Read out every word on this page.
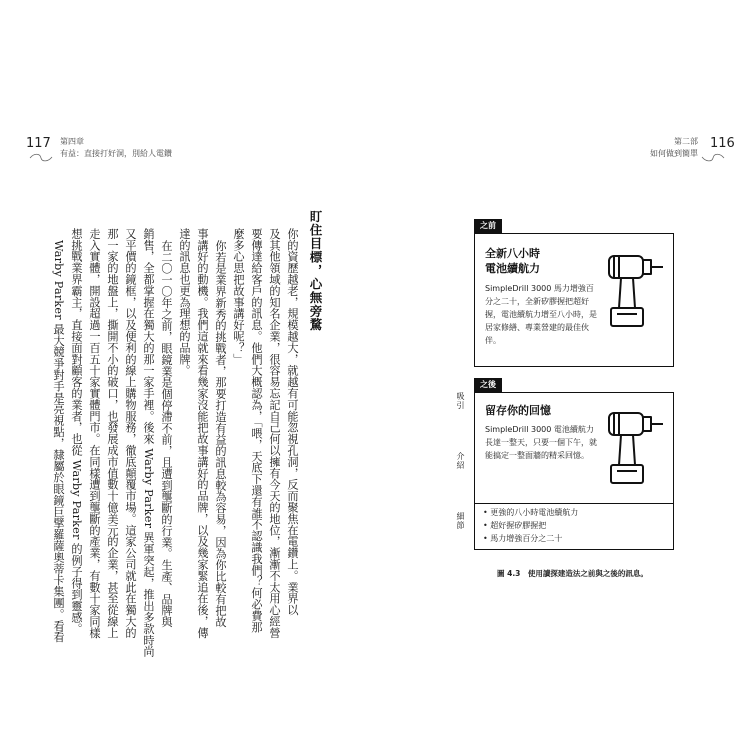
117 第四章
有益：直接打好洞，別給人電鑽
盯住目標，心無旁騖
你的資歷越老，規模越大，就越有可能忽視孔洞，反而聚焦在電鑽上。業界以
及其他領域的知名企業，很容易忘記自己何以擁有今天的地位，漸漸不太用心經營
要傳達給客戶的訊息。他們大概認為，「喂，天底下還有誰不認識我們？何必費那
麼多心思把故事講好呢？」
你若是業界新秀的挑戰者，那要打造有益的訊息較為容易，因為你比較有把故
事講好的動機。我們這就來看幾家沒能把故事講好的品牌，以及幾家緊追在後，傳
達的訊息也更為理想的品牌。
在二〇一〇年之前，眼鏡業是個停滯不前，且遭到壟斷的行業。生產、品牌與
銷售，全都掌握在獨大的那一家手裡。後來 Warby Parker 異軍突起，推出多款時尚
又平價的鏡框，以及便利的線上購物服務，徹底顛覆市場。這家公司就此在獨大的
那一家的地盤上，撕開不小的破口，也發展成市值數十億美元的企業，甚至從線上
走入實體，開設超過一百五十家實體門市。在同樣遭到壟斷的產業，有數十家同樣
想挑戰業界霸主，直接面對顧客的業者，也從 Warby Parker 的例子得到靈感。
Warby Parker 最大競爭對手是亮視點，隸屬於眼鏡巨擘羅薩奧蒂卡集團。看看
116
第二部
如何做到簡單
之前
全新八小時
電池續航力
SimpleDrill 3000 馬力增強百分之二十，全新矽膠握把超好握，電池續航力增至八小時，是居家修繕、專業營建的最佳伙伴。
之後
留存你的回憶
SimpleDrill 3000 電池續航力長達一整天，只要一個下午，就能搞定一整面牆的精采回憶。
• 更強的八小時電池續航力
• 超好握矽膠握把
• 馬力增強百分之二十
吸引
介紹
細節
圖 4.3　使用讀探建造法之前與之後的訊息。
